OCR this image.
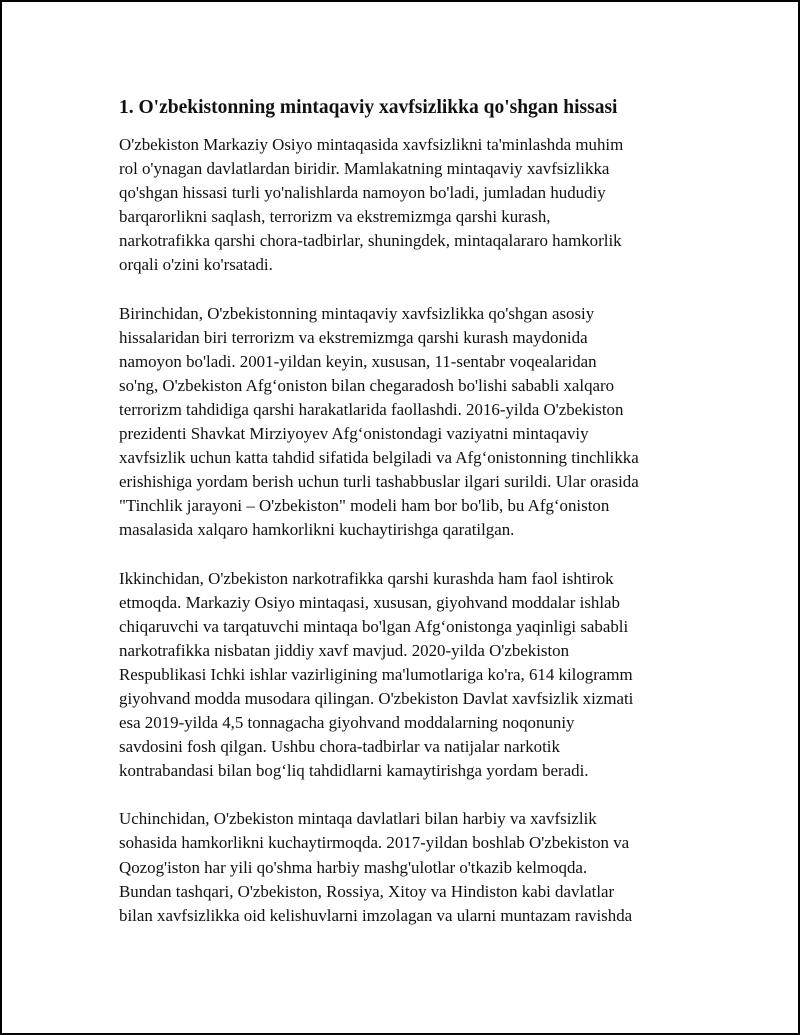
1. O'zbekistonning mintaqaviy xavfsizlikka qo'shgan hissasi
O'zbekiston Markaziy Osiyo mintaqasida xavfsizlikni ta'minlashda muhim
rol o'ynagan davlatlardan biridir. Mamlakatning mintaqaviy xavfsizlikka
qo'shgan hissasi turli yo'nalishlarda namoyon bo'ladi, jumladan hududiy
barqarorlikni saqlash, terrorizm va ekstremizmga qarshi kurash,
narkotrafikka qarshi chora-tadbirlar, shuningdek, mintaqalararo hamkorlik
orqali o'zini ko'rsatadi.
Birinchidan, O'zbekistonning mintaqaviy xavfsizlikka qo'shgan asosiy
hissalaridan biri terrorizm va ekstremizmga qarshi kurash maydonida
namoyon bo'ladi. 2001-yildan keyin, xususan, 11-sentabr voqealaridan
so'ng, O'zbekiston Afg‘oniston bilan chegaradosh bo'lishi sababli xalqaro
terrorizm tahdidiga qarshi harakatlarida faollashdi. 2016-yilda O'zbekiston
prezidenti Shavkat Mirziyoyev Afg‘onistondagi vaziyatni mintaqaviy
xavfsizlik uchun katta tahdid sifatida belgiladi va Afg‘onistonning tinchlikka
erishishiga yordam berish uchun turli tashabbuslar ilgari surildi. Ular orasida
"Tinchlik jarayoni – O'zbekiston" modeli ham bor bo'lib, bu Afg‘oniston
masalasida xalqaro hamkorlikni kuchaytirishga qaratilgan.
Ikkinchidan, O'zbekiston narkotrafikka qarshi kurashda ham faol ishtirok
etmoqda. Markaziy Osiyo mintaqasi, xususan, giyohvand moddalar ishlab
chiqaruvchi va tarqatuvchi mintaqa bo'lgan Afg‘onistonga yaqinligi sababli
narkotrafikka nisbatan jiddiy xavf mavjud. 2020-yilda O'zbekiston
Respublikasi Ichki ishlar vazirligining ma'lumotlariga ko'ra, 614 kilogramm
giyohvand modda musodara qilingan. O'zbekiston Davlat xavfsizlik xizmati
esa 2019-yilda 4,5 tonnagacha giyohvand moddalarning noqonuniy
savdosini fosh qilgan. Ushbu chora-tadbirlar va natijalar narkotik
kontrabandasi bilan bog‘liq tahdidlarni kamaytirishga yordam beradi.
Uchinchidan, O'zbekiston mintaqa davlatlari bilan harbiy va xavfsizlik
sohasida hamkorlikni kuchaytirmoqda. 2017-yildan boshlab O'zbekiston va
Qozog'iston har yili qo'shma harbiy mashg'ulotlar o'tkazib kelmoqda.
Bundan tashqari, O'zbekiston, Rossiya, Xitoy va Hindiston kabi davlatlar
bilan xavfsizlikka oid kelishuvlarni imzolagan va ularni muntazam ravishda
